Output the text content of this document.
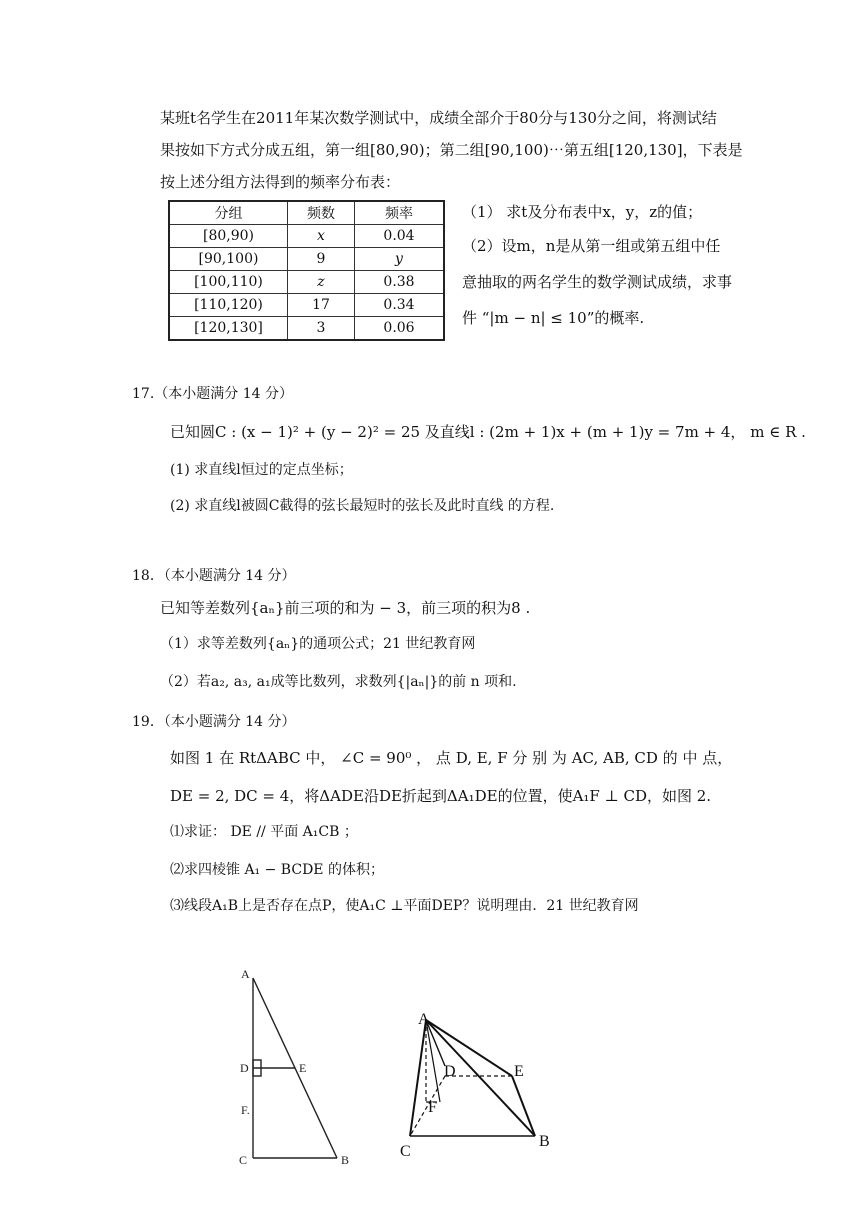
某班t名学生在2011年某次数学测试中，成绩全部介于80分与130分之间，将测试结
果按如下方式分成五组，第一组[80,90)；第二组[90,100)⋯第五组[120,130]，下表是
按上述分组方法得到的频率分布表：
分组	频数	频率
[80,90)	x	0.04
[90,100)	9	y
[100,110)	z	0.38
[110,120)	17	0.34
[120,130]	3	0.06
（1） 求t及分布表中x，y，z的值；
（2）设m，n是从第一组或第五组中任
意抽取的两名学生的数学测试成绩，求事
件 “|m − n| ≤ 10”的概率.
17.（本小题满分 14 分）
已知圆C : (x − 1)² + (y − 2)² = 25 及直线l : (2m + 1)x + (m + 1)y = 7m + 4， m ∈ R .
(1) 求直线l恒过的定点坐标；
(2) 求直线l被圆C截得的弦长最短时的弦长及此时直线 的方程.
18．（本小题满分 14 分）
已知等差数列{aₙ}前三项的和为 − 3，前三项的积为8 .
（1）求等差数列{aₙ}的通项公式；21 世纪教育网
（2）若a₂, a₃, a₁成等比数列，求数列{|aₙ|}的前 n 项和.
19．（本小题满分 14 分）
如图 1 在 RtΔABC 中， ∠C = 90⁰ ， 点 D, E, F 分 别 为 AC, AB, CD 的 中 点，
DE = 2, DC = 4，将ΔADE沿DE折起到ΔA₁DE的位置，使A₁F ⊥ CD，如图 2.
⑴求证： DE // 平面 A₁CB ；
⑵求四棱锥 A₁ − BCDE 的体积；
⑶线段A₁B上是否存在点P，使A₁C ⊥平面DEP？说明理由．21 世纪教育网
A
D	E
F.
C	B
A
D	E
F
C
B
